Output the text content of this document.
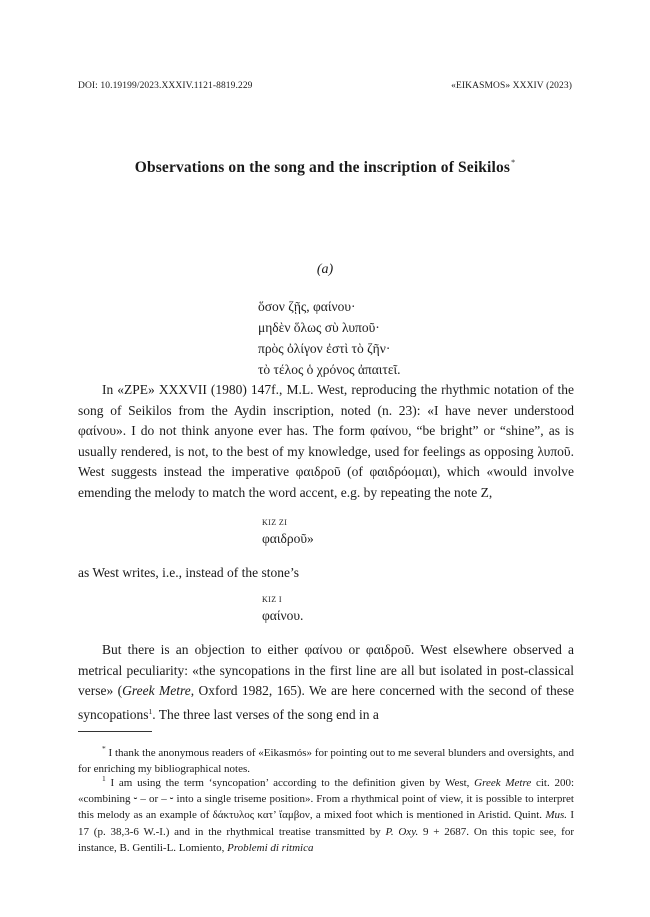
DOI: 10.19199/2023.XXXIV.1121-8819.229	«EIKASMOS» XXXIV (2023)
Observations on the song and the inscription of Seikilos*
(a)
ὅσον ζῇς, φαίνου·
μηδὲν ὅλως σὺ λυποῦ·
πρὸς ὀλίγον ἐστὶ τὸ ζῆν·
τὸ τέλος ὁ χρόνος ἀπαιτεῖ.

In «ZPE» XXXVII (1980) 147f., M.L. West, reproducing the rhythmic notation of the song of Seikilos from the Aydin inscription, noted (n. 23): «I have never understood φαίνου». I do not think anyone ever has. The form φαίνου, “be bright” or “shine”, as is usually rendered, is not, to the best of my knowledge, used for feelings as opposing λυποῦ. West suggests instead the imperative φαιδροῦ (of φαιδρόομαι), which «would involve emending the melody to match the word accent, e.g. by repeating the note Z,

KIZ ZI
φαιδροῦ»

as West writes, i.e., instead of the stone’s

KIZ I
φαίνου.

But there is an objection to either φαίνου or φαιδροῦ. West elsewhere observed a metrical peculiarity: «the syncopations in the first line are all but isolated in post-classical verse» (Greek Metre, Oxford 1982, 165). We are here concerned with the second of these syncopations$^1$. The three last verses of the song end in a

* I thank the anonymous readers of «Eikasmós» for pointing out to me several blunders and oversights, and for enriching my bibliographical notes.

$^1$ I am using the term ‘syncopation’ according to the definition given by West, Greek Metre cit. 200: «combining ⏑ – or – ⏑ into a single triseme position». From a rhythmical point of view, it is possible to interpret this melody as an example of δάκτυλος κατ’ ἴαμβον, a mixed foot which is mentioned in Aristid. Quint. Mus. I 17 (p. 38,3-6 W.-I.) and in the rhythmical treatise transmitted by P. Oxy. 9 + 2687. On this topic see, for instance, B. Gentili-L. Lomiento, Problemi di ritmica
